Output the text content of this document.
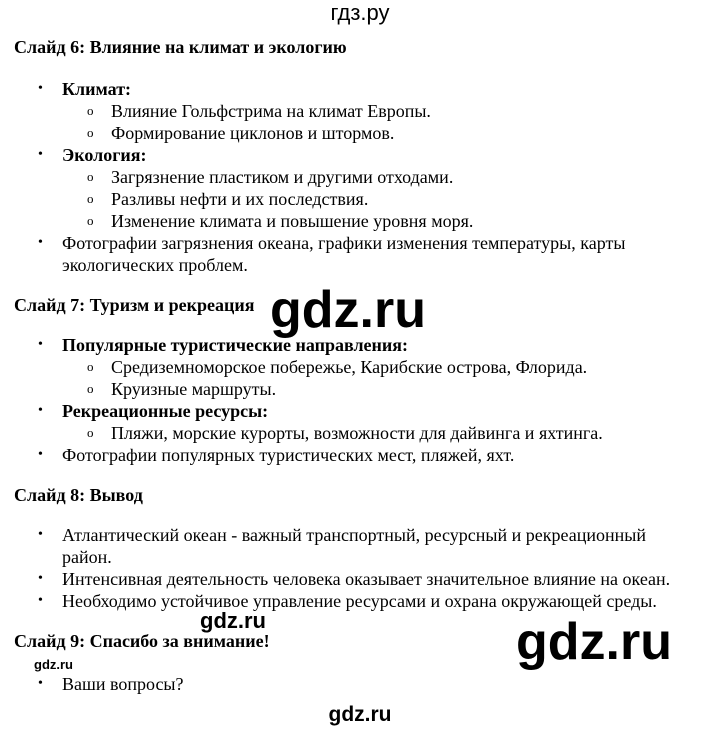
гдз.ру
Слайд 6: Влияние на климат и экологию
• Климат:
o Влияние Гольфстрима на климат Европы.
o Формирование циклонов и штормов.
• Экология:
o Загрязнение пластиком и другими отходами.
o Разливы нефти и их последствия.
o Изменение климата и повышение уровня моря.
• Фотографии загрязнения океана, графики изменения температуры, карты
экологических проблем.
Слайд 7: Туризм и рекреация gdz.ru
• Популярные туристические направления:
o Средиземноморское побережье, Карибские острова, Флорида.
o Круизные маршруты.
• Рекреационные ресурсы:
o Пляжи, морские курорты, возможности для дайвинга и яхтинга.
• Фотографии популярных туристических мест, пляжей, яхт.
Слайд 8: Вывод
• Атлантический океан - важный транспортный, ресурсный и рекреационный
район.
• Интенсивная деятельность человека оказывает значительное влияние на океан.
• Необходимо устойчивое управление ресурсами и охрана окружающей среды.
Слайд 9: Спасибо за внимание!
gdz.ru	gdz.ru
gdz.ru
• Ваши вопросы?
gdz.ru
